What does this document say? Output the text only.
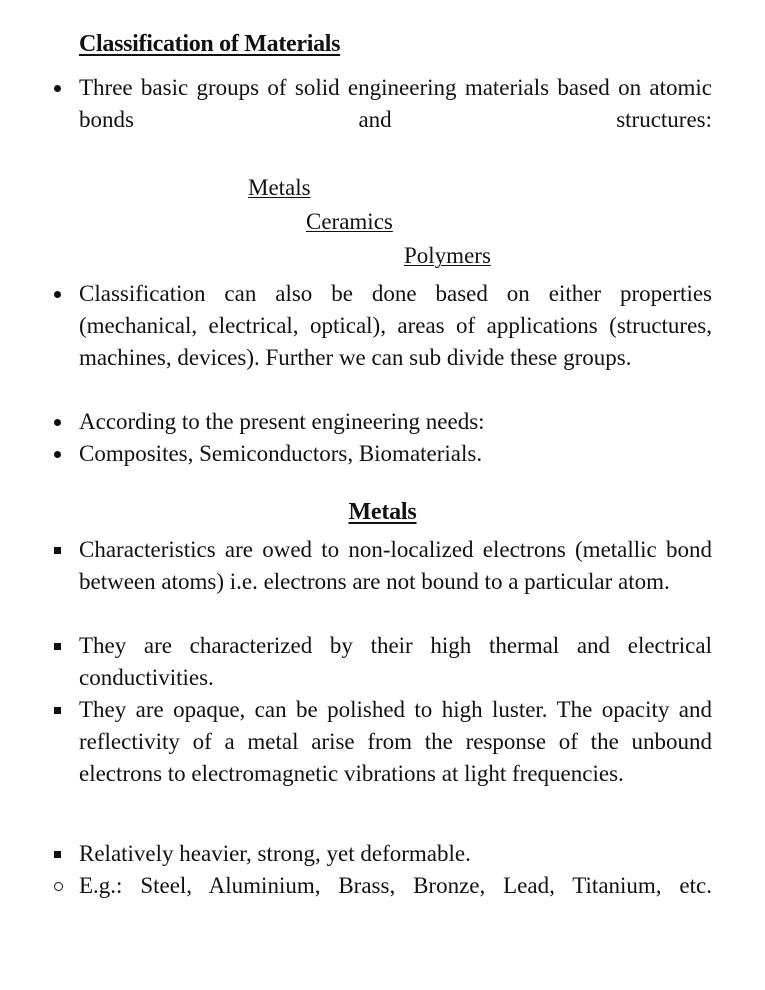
Classification of Materials
Three basic groups of solid engineering materials based on atomic bonds and structures:
Metals
Ceramics
Polymers
Classification can also be done based on either properties (mechanical, electrical, optical), areas of applications (structures, machines, devices). Further we can sub divide these groups.
According to the present engineering needs:
Composites, Semiconductors, Biomaterials.
Metals
Characteristics are owed to non-localized electrons (metallic bond between atoms) i.e. electrons are not bound to a particular atom.
They are characterized by their high thermal and electrical conductivities.
They are opaque, can be polished to high luster. The opacity and reflectivity of a metal arise from the response of the unbound electrons to electromagnetic vibrations at light frequencies.
Relatively heavier, strong, yet deformable.
E.g.: Steel, Aluminium, Brass, Bronze, Lead, Titanium, etc.
